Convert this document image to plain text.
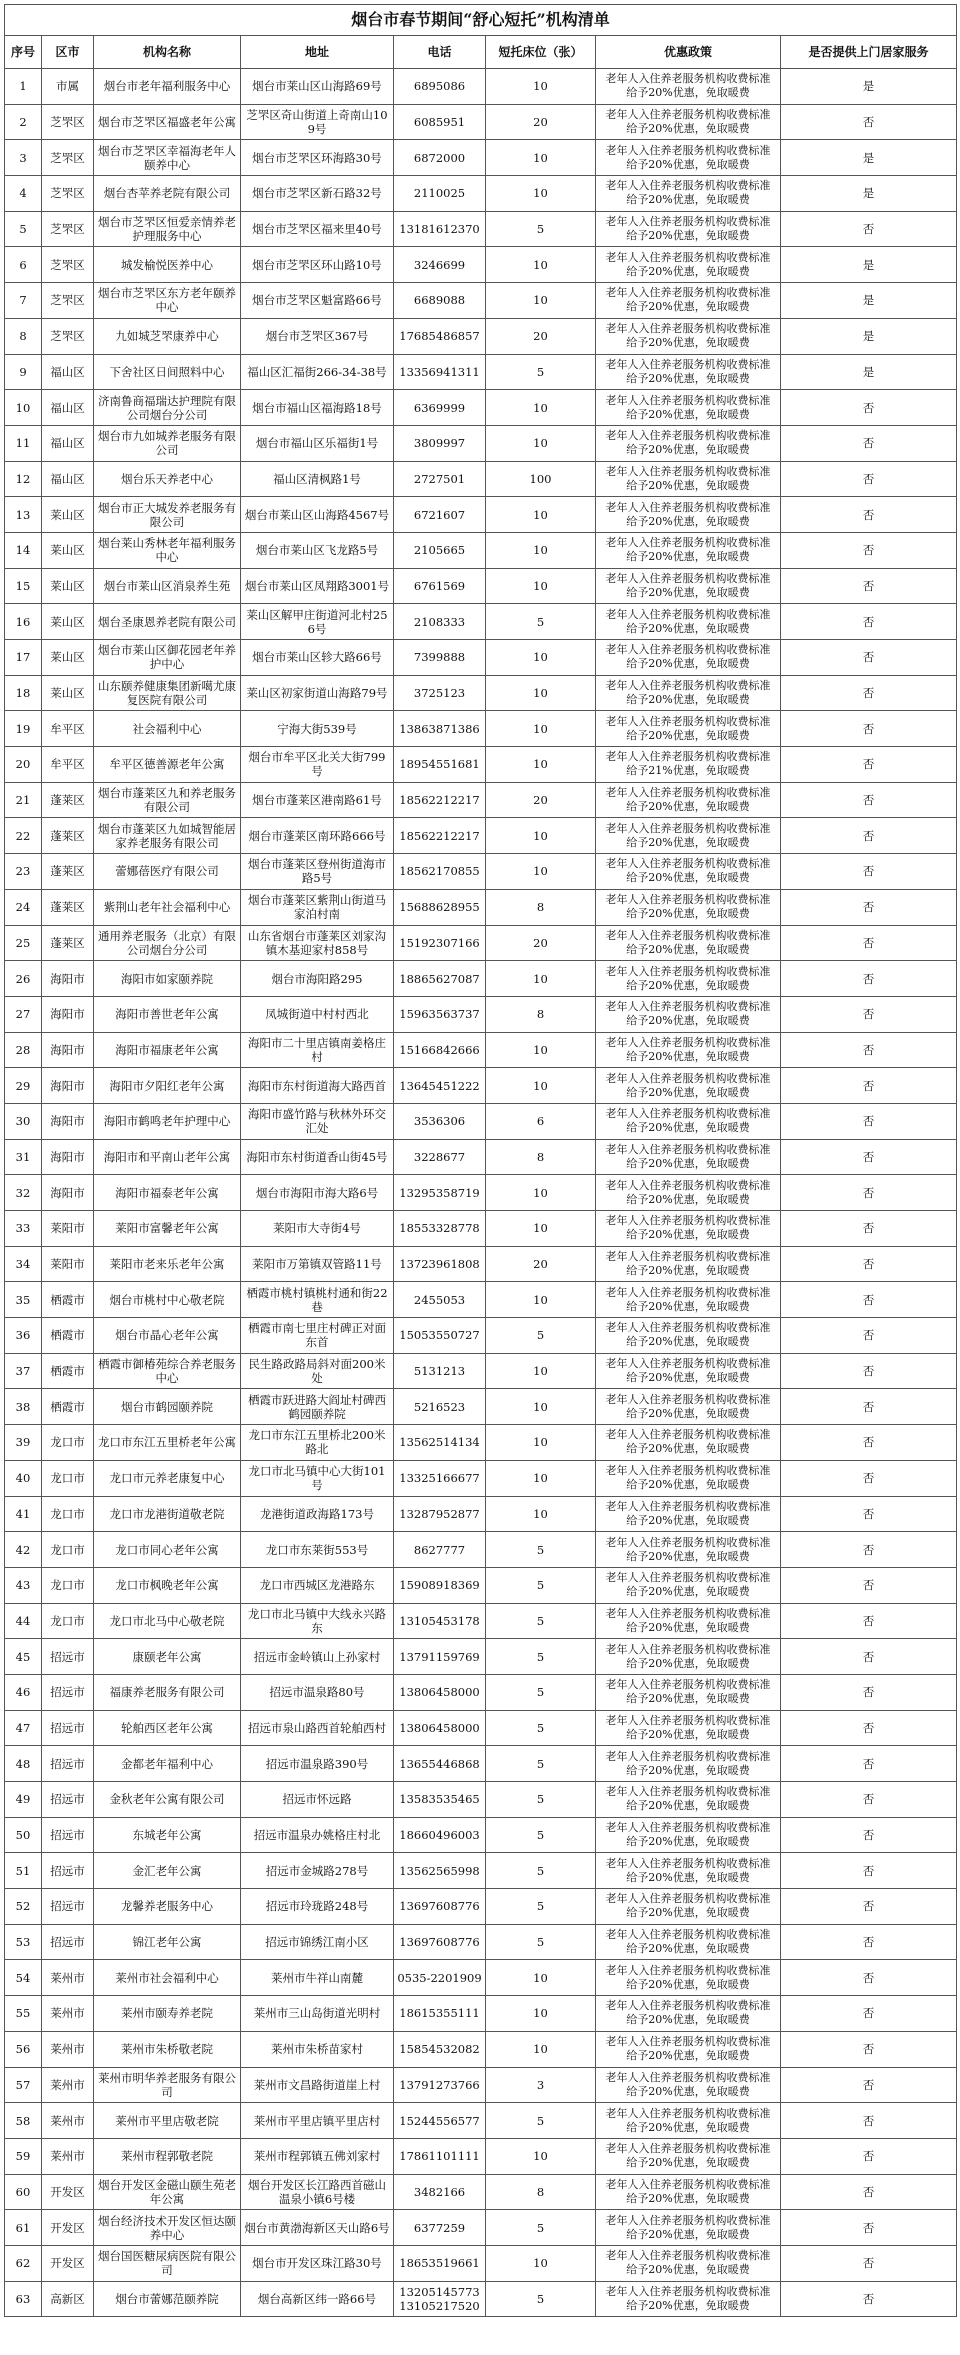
烟台市春节期间“舒心短托”机构清单
序号	区市	机构名称	地址	电话	短托床位（张）	优惠政策	是否提供上门居家服务
1	市属	烟台市老年福利服务中心	烟台市莱山区山海路69号	6895086	10	老年人入住养老服务机构收费标准给予20%优惠，免取暖费	是
2	芝罘区	烟台市芝罘区福盛老年公寓	芝罘区奇山街道上奇南山109号	6085951	20	老年人入住养老服务机构收费标准给予20%优惠，免取暖费	否
3	芝罘区	烟台市芝罘区幸福海老年人颐养中心	烟台市芝罘区环海路30号	6872000	10	老年人入住养老服务机构收费标准给予20%优惠，免取暖费	是
4	芝罘区	烟台杏苹养老院有限公司	烟台市芝罘区新石路32号	2110025	10	老年人入住养老服务机构收费标准给予20%优惠，免取暖费	是
5	芝罘区	烟台市芝罘区恒爱亲情养老护理服务中心	烟台市芝罘区福来里40号	13181612370	5	老年人入住养老服务机构收费标准给予20%优惠，免取暖费	否
6	芝罘区	城发榆悦医养中心	烟台市芝罘区环山路10号	3246699	10	老年人入住养老服务机构收费标准给予20%优惠，免取暖费	是
7	芝罘区	烟台市芝罘区东方老年颐养中心	烟台市芝罘区魁富路66号	6689088	10	老年人入住养老服务机构收费标准给予20%优惠，免取暖费	是
8	芝罘区	九如城芝罘康养中心	烟台市芝罘区367号	17685486857	20	老年人入住养老服务机构收费标准给予20%优惠，免取暖费	是
9	福山区	下舍社区日间照料中心	福山区汇福街266-34-38号	13356941311	5	老年人入住养老服务机构收费标准给予20%优惠，免取暖费	是
10	福山区	济南鲁商福瑞达护理院有限公司烟台分公司	烟台市福山区福海路18号	6369999	10	老年人入住养老服务机构收费标准给予20%优惠，免取暖费	否
11	福山区	烟台市九如城养老服务有限公司	烟台市福山区乐福街1号	3809997	10	老年人入住养老服务机构收费标准给予20%优惠，免取暖费	否
12	福山区	烟台乐天养老中心	福山区清枫路1号	2727501	100	老年人入住养老服务机构收费标准给予20%优惠，免取暖费	否
13	莱山区	烟台市正大城发养老服务有限公司	烟台市莱山区山海路4567号	6721607	10	老年人入住养老服务机构收费标准给予20%优惠，免取暖费	否
14	莱山区	烟台莱山秀林老年福利服务中心	烟台市莱山区飞龙路5号	2105665	10	老年人入住养老服务机构收费标准给予20%优惠，免取暖费	否
15	莱山区	烟台市莱山区消泉养生苑	烟台市莱山区凤翔路3001号	6761569	10	老年人入住养老服务机构收费标准给予20%优惠，免取暖费	否
16	莱山区	烟台圣康恩养老院有限公司	莱山区解甲庄街道河北村256号	2108333	5	老年人入住养老服务机构收费标准给予20%优惠，免取暖费	否
17	莱山区	烟台市莱山区御花园老年养护中心	烟台市莱山区轸大路66号	7399888	10	老年人入住养老服务机构收费标准给予20%优惠，免取暖费	否
18	莱山区	山东颐养健康集团新噶尤康复医院有限公司	莱山区初家街道山海路79号	3725123	10	老年人入住养老服务机构收费标准给予20%优惠，免取暖费	否
19	牟平区	社会福利中心	宁海大街539号	13863871386	10	老年人入住养老服务机构收费标准给予20%优惠，免取暖费	否
20	牟平区	牟平区德善源老年公寓	烟台市牟平区北关大街799号	18954551681	10	老年人入住养老服务机构收费标准给予21%优惠，免取暖费	否
21	蓬莱区	烟台市蓬莱区九和养老服务有限公司	烟台市蓬莱区港南路61号	18562212217	20	老年人入住养老服务机构收费标准给予20%优惠，免取暖费	否
22	蓬莱区	烟台市蓬莱区九如城智能居家养老服务有限公司	烟台市蓬莱区南环路666号	18562212217	10	老年人入住养老服务机构收费标准给予20%优惠，免取暖费	否
23	蓬莱区	蕾娜蓓医疗有限公司	烟台市蓬莱区登州街道海市路5号	18562170855	10	老年人入住养老服务机构收费标准给予20%优惠，免取暖费	否
24	蓬莱区	紫荆山老年社会福利中心	烟台市蓬莱区紫荆山街道马家泊村南	15688628955	8	老年人入住养老服务机构收费标准给予20%优惠，免取暖费	否
25	蓬莱区	通用养老服务（北京）有限公司烟台分公司	山东省烟台市蓬莱区刘家沟镇木基迎家村858号	15192307166	20	老年人入住养老服务机构收费标准给予20%优惠，免取暖费	否
26	海阳市	海阳市如家颐养院	烟台市海阳路295	18865627087	10	老年人入住养老服务机构收费标准给予20%优惠，免取暖费	否
27	海阳市	海阳市善世老年公寓	凤城街道中村村西北	15963563737	8	老年人入住养老服务机构收费标准给予20%优惠，免取暖费	否
28	海阳市	海阳市福康老年公寓	海阳市二十里店镇南姜格庄村	15166842666	10	老年人入住养老服务机构收费标准给予20%优惠，免取暖费	否
29	海阳市	海阳市夕阳红老年公寓	海阳市东村街道海大路西首	13645451222	10	老年人入住养老服务机构收费标准给予20%优惠，免取暖费	否
30	海阳市	海阳市鹤鸣老年护理中心	海阳市盛竹路与秋林外环交汇处	3536306	6	老年人入住养老服务机构收费标准给予20%优惠，免取暖费	否
31	海阳市	海阳市和平南山老年公寓	海阳市东村街道香山街45号	3228677	8	老年人入住养老服务机构收费标准给予20%优惠，免取暖费	否
32	海阳市	海阳市福泰老年公寓	烟台市海阳市海大路6号	13295358719	10	老年人入住养老服务机构收费标准给予20%优惠，免取暖费	否
33	莱阳市	莱阳市富馨老年公寓	莱阳市大寺街4号	18553328778	10	老年人入住养老服务机构收费标准给予20%优惠，免取暖费	否
34	莱阳市	莱阳市老来乐老年公寓	莱阳市万第镇双管路11号	13723961808	20	老年人入住养老服务机构收费标准给予20%优惠，免取暖费	否
35	栖霞市	烟台市桃村中心敬老院	栖霞市桃村镇桃村通和街22巷	2455053	10	老年人入住养老服务机构收费标准给予20%优惠，免取暖费	否
36	栖霞市	烟台市晶心老年公寓	栖霞市南七里庄村碑正对面东首	15053550727	5	老年人入住养老服务机构收费标准给予20%优惠，免取暖费	否
37	栖霞市	栖霞市御椿苑综合养老服务中心	民生路政路局斜对面200米处	5131213	10	老年人入住养老服务机构收费标准给予20%优惠，免取暖费	否
38	栖霞市	烟台市鹤园颐养院	栖霞市跃进路大阎址村碑西鹤园颐养院	5216523	10	老年人入住养老服务机构收费标准给予20%优惠，免取暖费	否
39	龙口市	龙口市东江五里桥老年公寓	龙口市东江五里桥北200米路北	13562514134	10	老年人入住养老服务机构收费标准给予20%优惠，免取暖费	否
40	龙口市	龙口市元养老康复中心	龙口市北马镇中心大街101号	13325166677	10	老年人入住养老服务机构收费标准给予20%优惠，免取暖费	否
41	龙口市	龙口市龙港街道敬老院	龙港街道政海路173号	13287952877	10	老年人入住养老服务机构收费标准给予20%优惠，免取暖费	否
42	龙口市	龙口市同心老年公寓	龙口市东莱街553号	8627777	5	老年人入住养老服务机构收费标准给予20%优惠，免取暖费	否
43	龙口市	龙口市枫晚老年公寓	龙口市西城区龙港路东	15908918369	5	老年人入住养老服务机构收费标准给予20%优惠，免取暖费	否
44	龙口市	龙口市北马中心敬老院	龙口市北马镇中大线永兴路东	13105453178	5	老年人入住养老服务机构收费标准给予20%优惠，免取暖费	否
45	招远市	康颐老年公寓	招远市金岭镇山上孙家村	13791159769	5	老年人入住养老服务机构收费标准给予20%优惠，免取暖费	否
46	招远市	福康养老服务有限公司	招远市温泉路80号	13806458000	5	老年人入住养老服务机构收费标准给予20%优惠，免取暖费	否
47	招远市	轮舶西区老年公寓	招远市泉山路西首轮舶西村	13806458000	5	老年人入住养老服务机构收费标准给予20%优惠，免取暖费	否
48	招远市	金都老年福利中心	招远市温泉路390号	13655446868	5	老年人入住养老服务机构收费标准给予20%优惠，免取暖费	否
49	招远市	金秋老年公寓有限公司	招远市怀远路	13583535465	5	老年人入住养老服务机构收费标准给予20%优惠，免取暖费	否
50	招远市	东城老年公寓	招远市温泉办姚格庄村北	18660496003	5	老年人入住养老服务机构收费标准给予20%优惠，免取暖费	否
51	招远市	金汇老年公寓	招远市金城路278号	13562565998	5	老年人入住养老服务机构收费标准给予20%优惠，免取暖费	否
52	招远市	龙馨养老服务中心	招远市玲珑路248号	13697608776	5	老年人入住养老服务机构收费标准给予20%优惠，免取暖费	否
53	招远市	锦江老年公寓	招远市锦绣江南小区	13697608776	5	老年人入住养老服务机构收费标准给予20%优惠，免取暖费	否
54	莱州市	莱州市社会福利中心	莱州市牛祥山南麓	0535-2201909	10	老年人入住养老服务机构收费标准给予20%优惠，免取暖费	否
55	莱州市	莱州市颐寿养老院	莱州市三山岛街道光明村	18615355111	10	老年人入住养老服务机构收费标准给予20%优惠，免取暖费	否
56	莱州市	莱州市朱桥敬老院	莱州市朱桥苗家村	15854532082	10	老年人入住养老服务机构收费标准给予20%优惠，免取暖费	否
57	莱州市	莱州市明华养老服务有限公司	莱州市文昌路街道崖上村	13791273766	3	老年人入住养老服务机构收费标准给予20%优惠，免取暖费	否
58	莱州市	莱州市平里店敬老院	莱州市平里店镇平里店村	15244556577	5	老年人入住养老服务机构收费标准给予20%优惠，免取暖费	否
59	莱州市	莱州市程郭敬老院	莱州市程郭镇五佛刘家村	17861101111	10	老年人入住养老服务机构收费标准给予20%优惠，免取暖费	否
60	开发区	烟台开发区金磁山颐生苑老年公寓	烟台开发区长江路西首磁山温泉小镇6号楼	3482166	8	老年人入住养老服务机构收费标准给予20%优惠，免取暖费	否
61	开发区	烟台经济技术开发区恒达颐养中心	烟台市黄渤海新区天山路6号	6377259	5	老年人入住养老服务机构收费标准给予20%优惠，免取暖费	否
62	开发区	烟台国医糖尿病医院有限公司	烟台市开发区珠江路30号	18653519661	10	老年人入住养老服务机构收费标准给予20%优惠，免取暖费	否
63	高新区	烟台市蕾娜范颐养院	烟台高新区纬一路66号	13205145773 13105217520	5	老年人入住养老服务机构收费标准给予20%优惠，免取暖费	否
